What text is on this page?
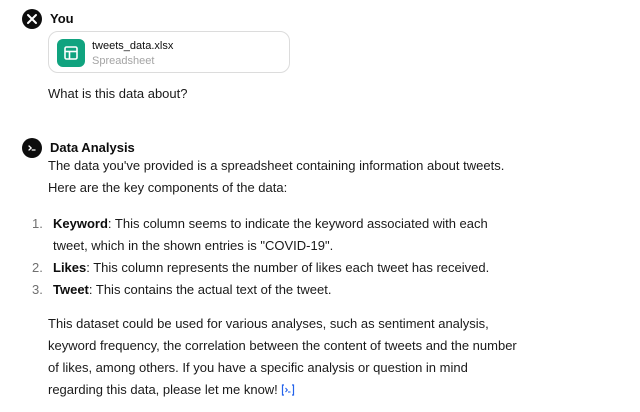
You
tweets_data.xlsx
Spreadsheet
What is this data about?
Data Analysis

The data you've provided is a spreadsheet containing information about tweets. Here are the key components of the data:

1. Keyword: This column seems to indicate the keyword associated with each tweet, which in the shown entries is "COVID-19".
2. Likes: This column represents the number of likes each tweet has received.
3. Tweet: This contains the actual text of the tweet.

This dataset could be used for various analyses, such as sentiment analysis, keyword frequency, the correlation between the content of tweets and the number of likes, among others. If you have a specific analysis or question in mind regarding this data, please let me know!
